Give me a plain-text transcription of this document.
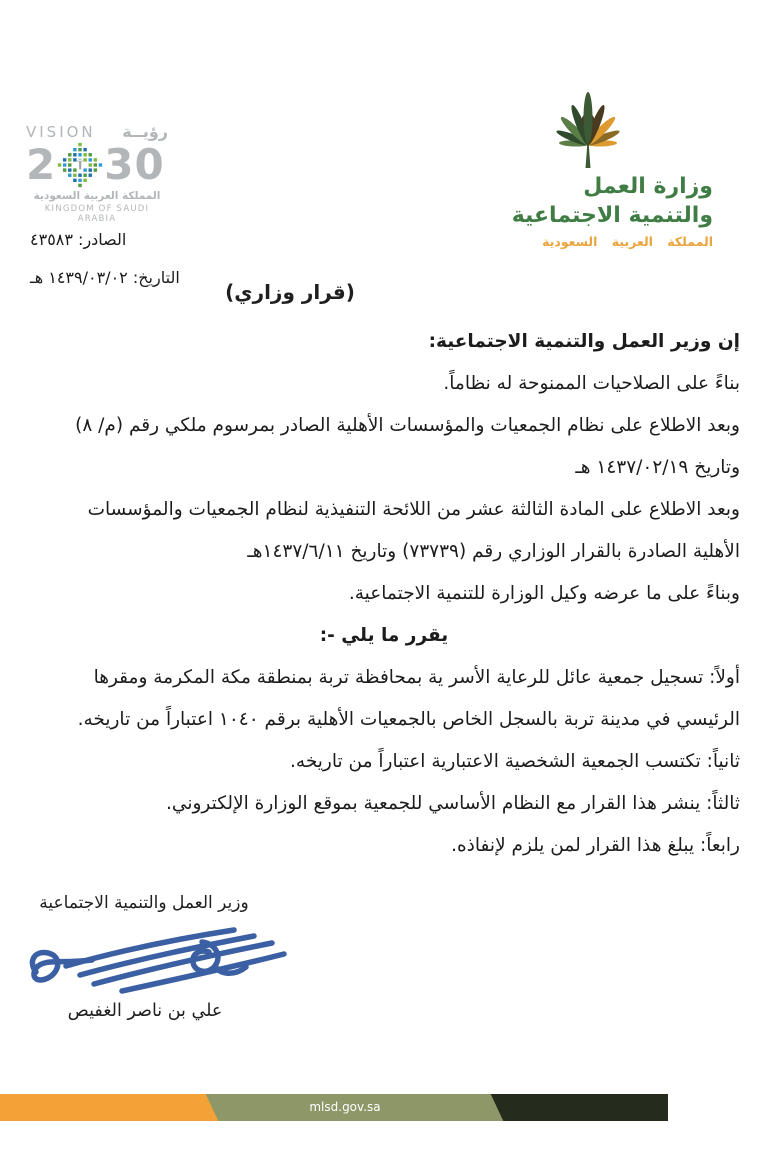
وزارة العمل
والتنمية الاجتماعية
المملكة العربية السعودية
VISION رؤيــة
2 30
المملكة العربية السعودية
KINGDOM OF SAUDI ARABIA
الصادر: ٤٣٥٨٣
التاريخ: ١٤٣٩/٠٣/٠٢ هـ
(قرار وزاري)
إن وزير العمل والتنمية الاجتماعية:
بناءً على الصلاحيات الممنوحة له نظاماً.
وبعد الاطلاع على نظام الجمعيات والمؤسسات الأهلية الصادر بمرسوم ملكي رقم (م/ ٨)
وتاريخ ١٤٣٧/٠٢/١٩ هـ
وبعد الاطلاع على المادة الثالثة عشر من اللائحة التنفيذية لنظام الجمعيات والمؤسسات
الأهلية الصادرة بالقرار الوزاري رقم (٧٣٧٣٩) وتاريخ ١٤٣٧/٦/١١هـ
وبناءً على ما عرضه وكيل الوزارة للتنمية الاجتماعية.
يقرر ما يلي -:
أولاً: تسجيل جمعية عائل للرعاية الأسر ية بمحافظة تربة بمنطقة مكة المكرمة ومقرها
الرئيسي في مدينة تربة بالسجل الخاص بالجمعيات الأهلية برقم ١٠٤٠ اعتباراً من تاريخه.
ثانياً: تكتسب الجمعية الشخصية الاعتبارية اعتباراً من تاريخه.
ثالثاً: ينشر هذا القرار مع النظام الأساسي للجمعية بموقع الوزارة الإلكتروني.
رابعاً: يبلغ هذا القرار لمن يلزم لإنفاذه.
وزير العمل والتنمية الاجتماعية
علي بن ناصر الغفيص
mlsd.gov.sa
